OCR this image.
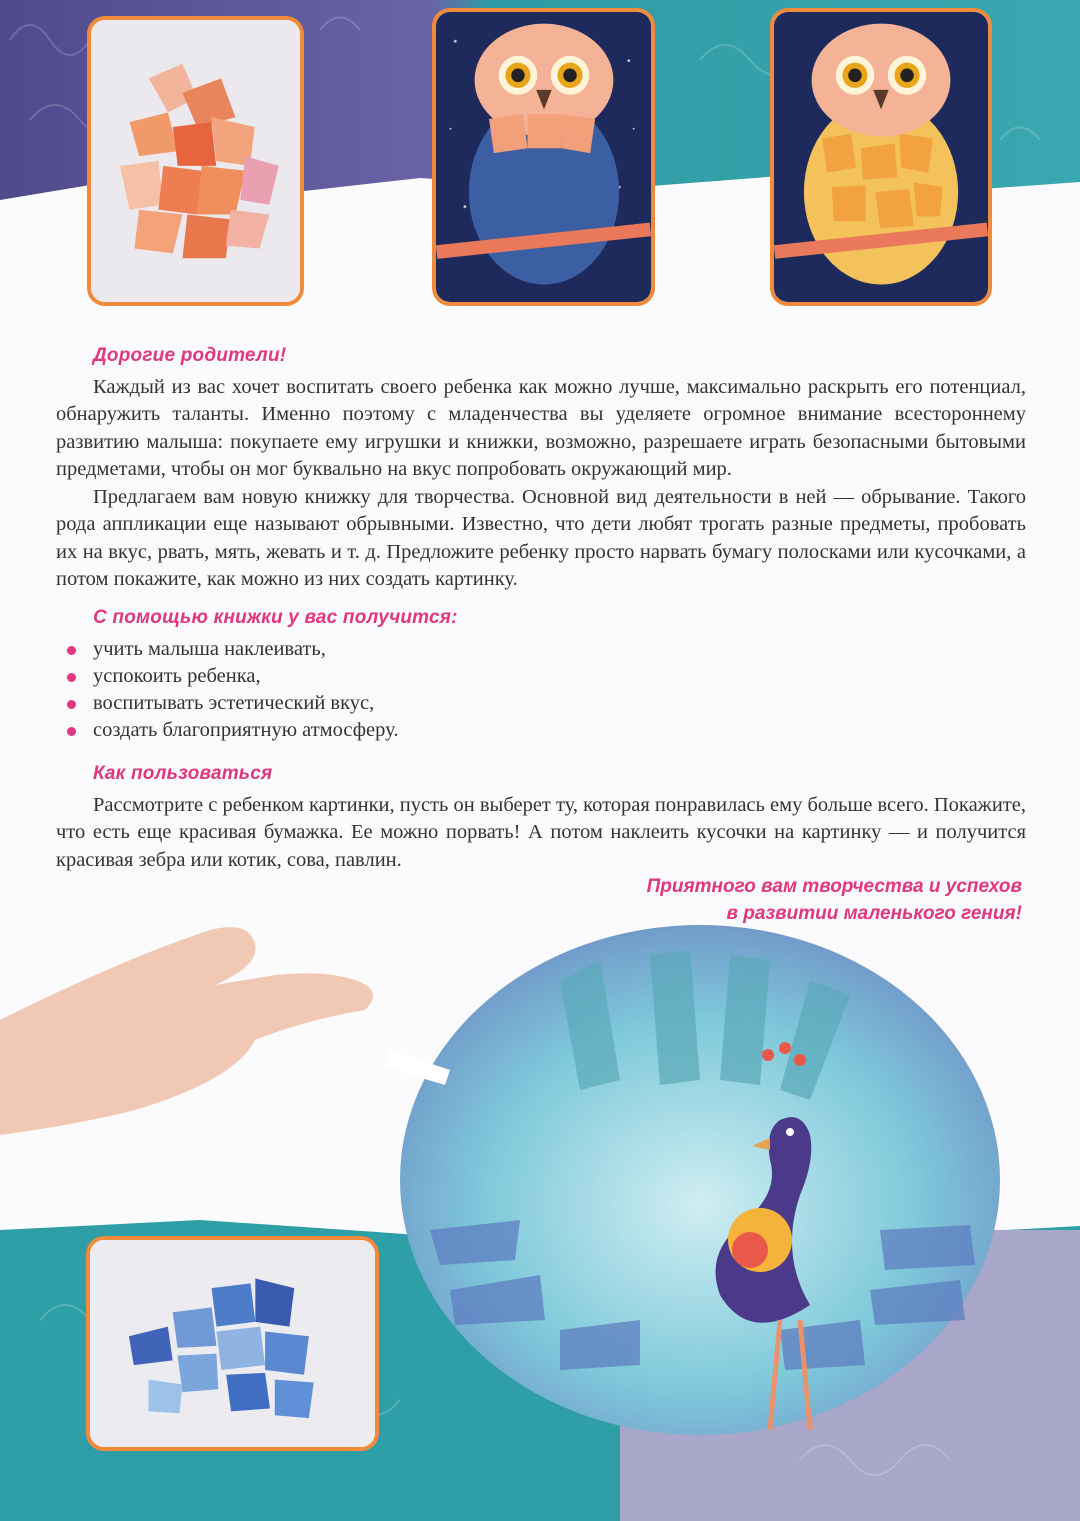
Дорогие родители!

Каждый из вас хочет воспитать своего ребенка как можно лучше, максимально раскрыть его потенциал, обнаружить таланты. Именно поэтому с младенчества вы уделяете огромное внимание всестороннему развитию малыша: покупаете ему игрушки и книжки, возможно, разрешаете играть безопасными бытовыми предметами, чтобы он мог буквально на вкус попробовать окружающий мир.

Предлагаем вам новую книжку для творчества. Основной вид деятельности в ней — обрывание. Такого рода аппликации еще называют обрывными. Известно, что дети любят трогать разные предметы, пробовать их на вкус, рвать, мять, жевать и т. д. Предложите ребенку просто нарвать бумагу полосками или кусочками, а потом покажите, как можно из них создать картинку.

С помощью книжки у вас получится:
учить малыша наклеивать,
успокоить ребенка,
воспитывать эстетический вкус,
создать благоприятную атмосферу.
Как пользоваться

Рассмотрите с ребенком картинки, пусть он выберет ту, которая понравилась ему больше всего. Покажите, что есть еще красивая бумажка. Ее можно порвать! А потом наклеить кусочки на картинку — и получится красивая зебра или котик, сова, павлин.

Приятного вам творчества и успехов
в развитии маленького гения!
